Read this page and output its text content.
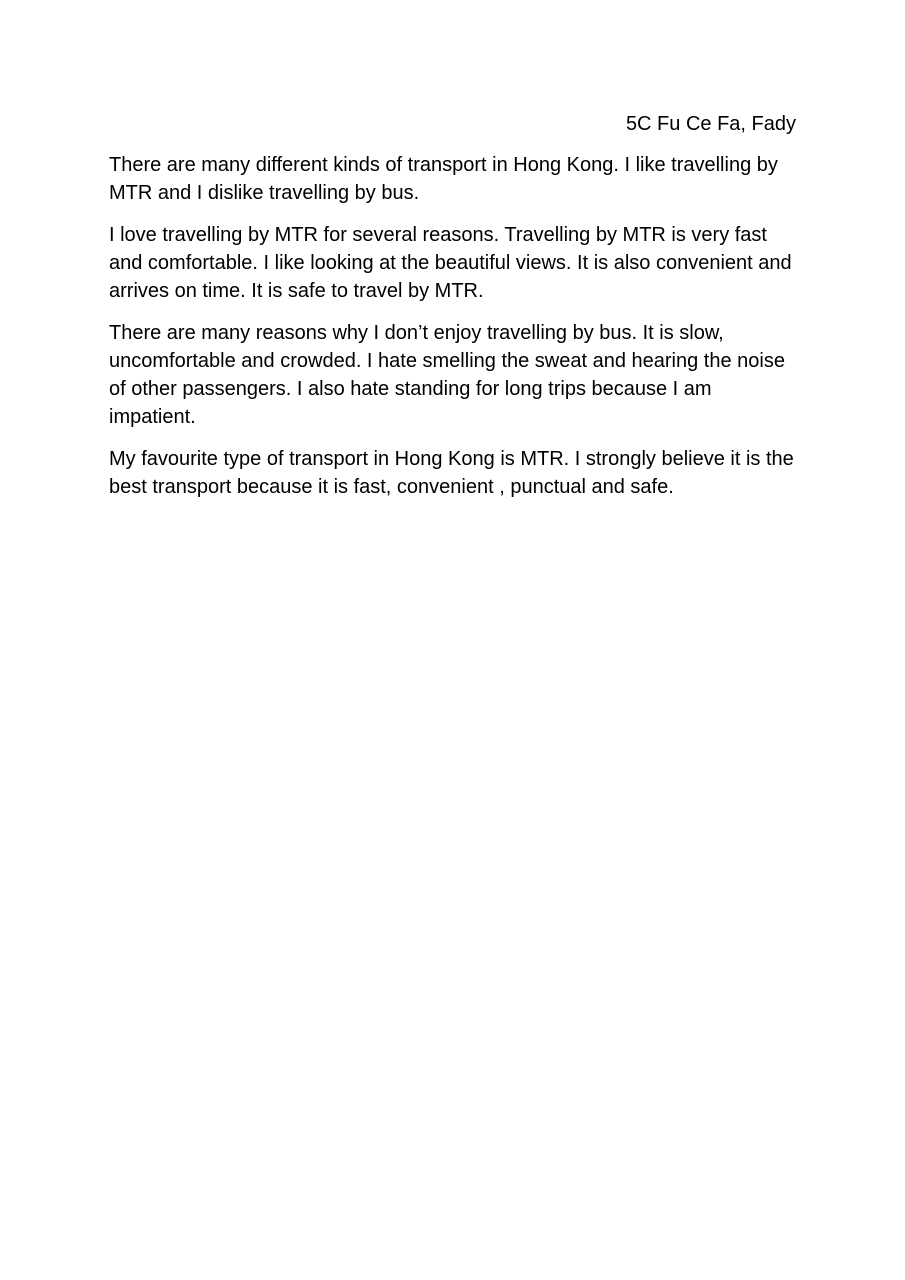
5C Fu Ce Fa, Fady

There are many different kinds of transport in Hong Kong. I like travelling by MTR and I dislike travelling by bus.

I love travelling by MTR for several reasons. Travelling by MTR is very fast and comfortable. I like looking at the beautiful views. It is also convenient and arrives on time. It is safe to travel by MTR.

There are many reasons why I don’t enjoy travelling by bus. It is slow, uncomfortable and crowded. I hate smelling the sweat and hearing the noise of other passengers. I also hate standing for long trips because I am impatient.

My favourite type of transport in Hong Kong is MTR. I strongly believe it is the best transport because it is fast, convenient , punctual and safe.
